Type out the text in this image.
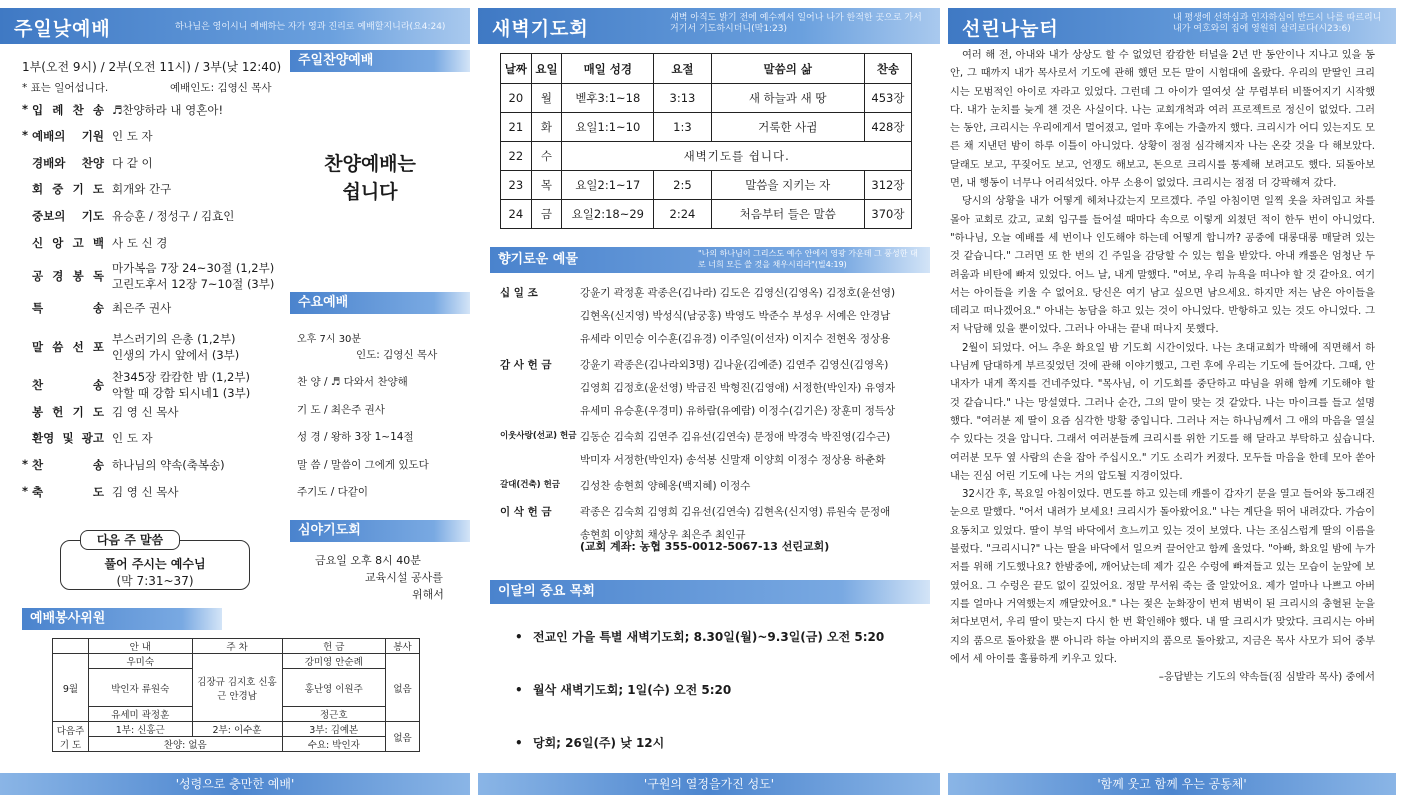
주일낮예배	하나님은 영이시니 예배하는 자가 영과 진리로 예배할지니라(요4:24)
1부(오전 9시) / 2부(오전 11시) / 3부(낮 12:40)
* 표는 일어섭니다.	예배인도: 김영신 목사
* 입 례 찬 송 ♬찬양하라 내 영혼아!
* 예배의 기원 인 도 자
경배와 찬양 다 같 이
회 중 기 도 회개와 간구
중보의 기도 유승훈 / 정성구 / 김효인
신 앙 고 백 사 도 신 경
공 경 봉 독
마가복음 7장 24~30절 (1,2부)
고린도후서 12장 7~10절 (3부)
특 송 최은주 권사
말 씀 선 포
부스러기의 은총 (1,2부)
인생의 가시 앞에서 (3부)
찬 송
찬345장 캄캄한 밤 (1,2부)
악할 때 강함 되시네1 (3부)
봉 헌 기 도 김 영 신 목사
환영 및 광고 인 도 자
* 찬 송 하나님의 약속(축복송)
* 축 도 김 영 신 목사
다음 주 말씀
풀어 주시는 예수님
(막 7:31~37)
주일찬양예배
찬양예배는
쉽니다
수요예배
오후 7시 30분
인도: 김영신 목사
찬 양 / ♬ 다와서 찬양해
기 도 / 최은주 권사
성 경 / 왕하 3장 1~14절
말 씀 / 말씀이 그에게 있도다
주기도 / 다같이
심야기도회
금요일 오후 8시 40분
교육시설 공사를
위해서
예배봉사위원
	안 내	주 차	헌 금	봉사
9월	우미숙	김장규 김지호 신홍근 안경남	강미영 안순례	없음
	박인자 류원숙		홍난영 이원주	
	유세미 곽정훈		정근호	
다음주 기 도	1부: 신홍근	2부: 이수훈	3부: 김예본	없음
	찬양: 없음		수요: 박인자	
'성령으로 충만한 예배'
새벽기도회	새벽 아직도 밝기 전에 예수께서 일어나 나가 한적한 곳으로 가서 거기서 기도하시더니(막1:23)
날짜	요일	매일 성경	요절	말씀의 삶	찬송
20	월	벧후3:1~18	3:13	새 하늘과 새 땅	453장
21	화	요일1:1~10	1:3	거룩한 사귐	428장
22	수	새벽기도를 쉽니다.			
23	목	요일2:1~17	2:5	말씀을 지키는 자	312장
24	금	요일2:18~29	2:24	처음부터 들은 말씀	370장
향기로운 예물	"나의 하나님이 그리스도 예수 안에서 영광 가운데 그 풍성한 대로 너희 모든 쓸 것을 채우시리라"(빌4:19)
십 일 조	강윤기 곽정훈 곽종은(김나라) 김도은 김영신(김영옥) 김정호(윤선영)
김현옥(신지영) 박성식(남궁홍) 박영도 박준수 부성우 서예은 안경남
유세라 이민승 이수훈(김유경) 이주일(이선자) 이지수 전현옥 정상용
감 사 헌 금	강윤기 곽종은(김나라외3명) 김나윤(김예준) 김연주 김영신(김영옥)
김영희 김정호(윤선영) 박금진 박형진(김영애) 서정한(박인자) 유영자
유세미 유승훈(우경미) 유하람(유예람) 이정수(김기은) 장훈미 정득상
이웃사랑(선교) 헌금 김동순 김숙희 김연주 김유선(김연숙) 문정애 박경숙 박진영(김수근)
박미자 서정한(박인자) 송석봉 신말재 이양희 이정수 정상용 하춘화
갈대(건축) 헌금 김성찬 송현희 양혜옹(백지혜) 이정수
이 삭 헌 금	곽종은 김숙희 김영희 김유선(김연숙) 김현옥(신지영) 류원숙 문정애
송현희 이양희 채상우 최은주 최인규
(교회 계좌: 농협 355-0012-5067-13 선린교회)
이달의 중요 목회
• 전교인 가을 특별 새벽기도회; 8.30일(월)~9.3일(금) 오전 5:20
• 월삭 새벽기도회; 1일(수) 오전 5:20
• 당회; 26일(주) 낮 12시
'구원의 열정을가진 성도'
선린나눔터	내 평생에 선하심과 인자하심이 반드시 나를 따르리니 내가 여호와의 집에 영원히 살리로다(시23:6)

여러 해 전, 아내와 내가 상상도 할 수 없었던 캄캄한 터널을 2년 반 동안이나 지나고 있을 동안, 그 때까지 내가 목사로서 기도에 관해 했던 모든 말이 시험대에 올랐다. 우리의 맏딸인 크리시는 모범적인 아이로 자라고 있었다. 그런데 그 아이가 열여섯 살 무렵부터 비뚤어지기 시작했다. 내가 눈치를 늦게 챈 것은 사실이다. 나는 교회개척과 여러 프로젝트로 정신이 없었다. 그러는 동안, 크리시는 우리에게서 멀어졌고, 얼마 후에는 가출까지 했다. 크리시가 어디 있는지도 모른 채 지낸던 밤이 하루 이틀이 아니었다. 상황이 점점 심각해지자 나는 온갖 것을 다 해보았다. 달래도 보고, 꾸짖어도 보고, 언쟁도 해보고, 돈으로 크리시를 통제해 보려고도 했다. 되돌아보면, 내 행동이 너무나 어리석었다. 아무 소용이 없었다. 크리시는 점점 더 강팍해져 갔다.

당시의 상황을 내가 어떻게 헤쳐나갔는지 모르겠다. 주일 아침이면 일찍 옷을 차려입고 차를 몰아 교회로 갔고, 교회 입구를 들어설 때마다 속으로 이렇게 외쳤던 적이 한두 번이 아니었다. "하나님, 오늘 예배를 세 번이나 인도해야 하는데 어떻게 합니까? 공중에 대롱대롱 매달려 있는 것 같습니다." 그러면 또 한 번의 긴 주일을 감당할 수 있는 힘을 받았다. 아내 캐롤은 엄청난 두려움과 비탄에 빠져 있었다. 어느 날, 내게 말했다. "여보, 우리 뉴욕을 떠나야 할 것 같아요. 여기서는 아이들을 키울 수 없어요. 당신은 여기 남고 싶으면 남으세요. 하지만 저는 남은 아이들을 데리고 떠나겠어요." 아내는 농담을 하고 있는 것이 아니었다. 반항하고 있는 것도 아니었다. 그저 낙담해 있을 뿐이었다. 그러나 아내는 끝내 떠나지 못했다.

2월이 되었다. 어느 추운 화요일 밤 기도회 시간이었다. 나는 초대교회가 박해에 직면해서 하나님께 담대하게 부르짖었던 것에 관해 이야기했고, 그런 후에 우리는 기도에 들어갔다. 그때, 안내자가 내게 쪽지를 건네주었다. "목사님, 이 기도회를 중단하고 따님을 위해 함께 기도해야 할 것 같습니다." 나는 망설였다. 그러나 순간, 그의 말이 맞는 것 같았다. 나는 마이크를 들고 설명했다. "여러분 제 딸이 요즘 심각한 방황 중입니다. 그러나 저는 하나님께서 그 애의 마음을 열실 수 있다는 것을 압니다. 그래서 여러분들께 크리시를 위한 기도를 해 달라고 부탁하고 싶습니다. 여러분 모두 옆 사람의 손을 잡아 주십시오." 기도 소리가 커졌다. 모두들 마음을 한데 모아 쏟아내는 진심 어린 기도에 나는 거의 압도될 지경이었다.

32시간 후, 목요일 아침이었다. 면도를 하고 있는데 캐롤이 갑자기 문을 열고 들어와 동그래진 눈으로 말했다. "어서 내려가 보세요! 크리시가 돌아왔어요." 나는 계단을 뛰어 내려갔다. 가슴이 요동치고 있었다. 딸이 부엌 바닥에서 흐느끼고 있는 것이 보였다. 나는 조심스럽게 딸의 이름을 불렀다. "크리시니?" 나는 딸을 바닥에서 일으켜 끌어안고 함께 울었다. "아빠, 화요일 밤에 누가 저를 위해 기도했나요? 한밤중에, 깨어났는데 제가 깊은 수렁에 빠져들고 있는 모습이 눈앞에 보였어요. 그 수렁은 끝도 없이 깊었어요. 정말 무서워 죽는 줄 알았어요. 제가 얼마나 나쁘고 아버지를 얼마나 거역했는지 깨달았어요." 나는 젖은 눈화장이 번져 범벅이 된 크리시의 충혈된 눈을 쳐다보면서, 우리 딸이 맞는지 다시 한 번 확인해야 했다. 내 딸 크리시가 맞았다. 크리시는 아버지의 품으로 돌아왔을 뿐 아니라 하늘 아버지의 품으로 돌아왔고, 지금은 목사 사모가 되어 중부에서 세 아이를 훌륭하게 키우고 있다.

–응답받는 기도의 약속들(짐 심발라 목사) 중에서
'함께 웃고 함께 우는 공동체'
